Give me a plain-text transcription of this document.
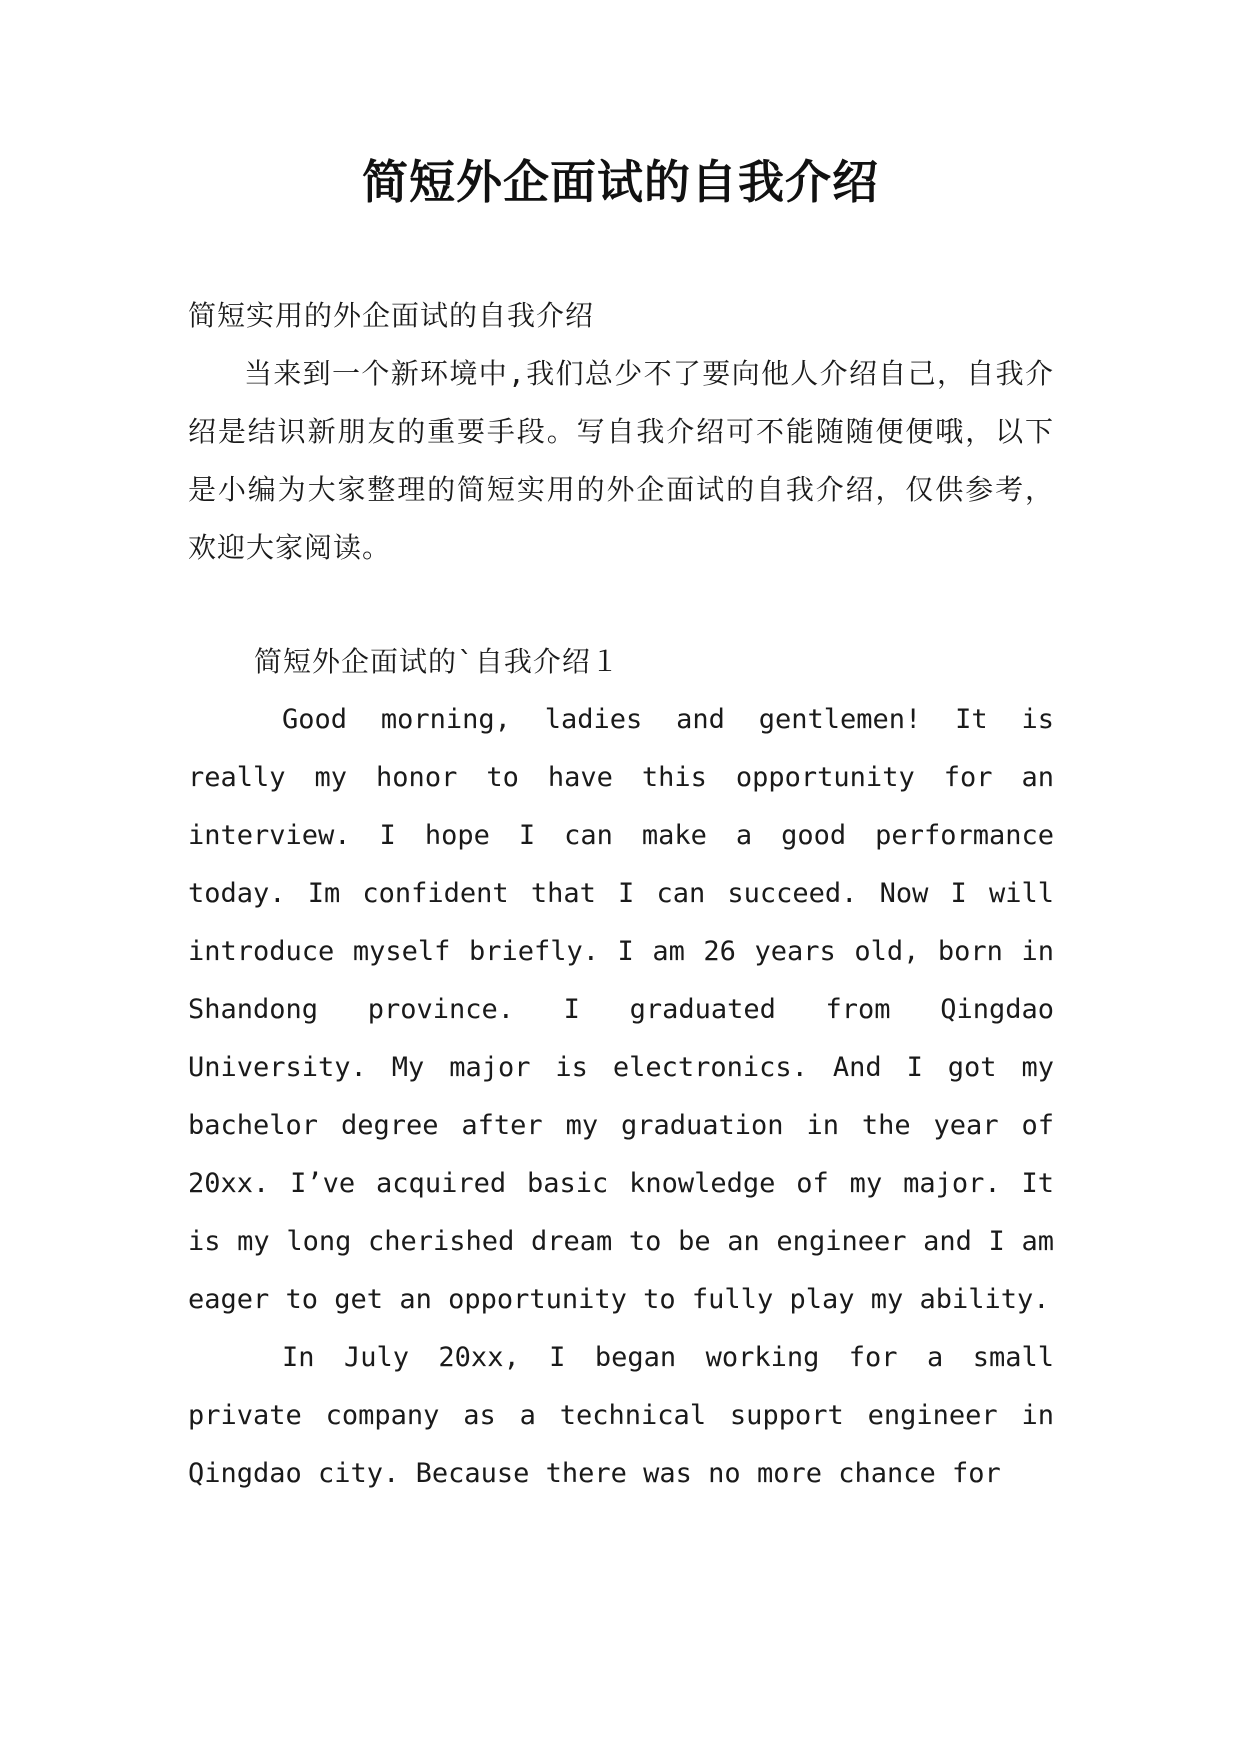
简短外企面试的自我介绍

简短实用的外企面试的自我介绍

当来到一个新环境中,我们总少不了要向他人介绍自己，自我介绍是结识新朋友的重要手段。写自我介绍可不能随随便便哦，以下是小编为大家整理的简短实用的外企面试的自我介绍，仅供参考，欢迎大家阅读。

简短外企面试的`自我介绍１

Good morning, ladies and gentlemen! It is really my honor to have this opportunity for an interview. I hope I can make a good performance today. Im confident that I can succeed. Now I will introduce myself briefly. I am 26 years old, born in Shandong province. I graduated from Qingdao University. My major is electronics. And I got my bachelor degree after my graduation in the year of 20xx. I’ve acquired basic knowledge of my major. It is my long cherished dream to be an engineer and I am eager to get an opportunity to fully play my ability.

In July 20xx, I began working for a small private company as a technical support engineer in Qingdao city. Because there was no more chance for
